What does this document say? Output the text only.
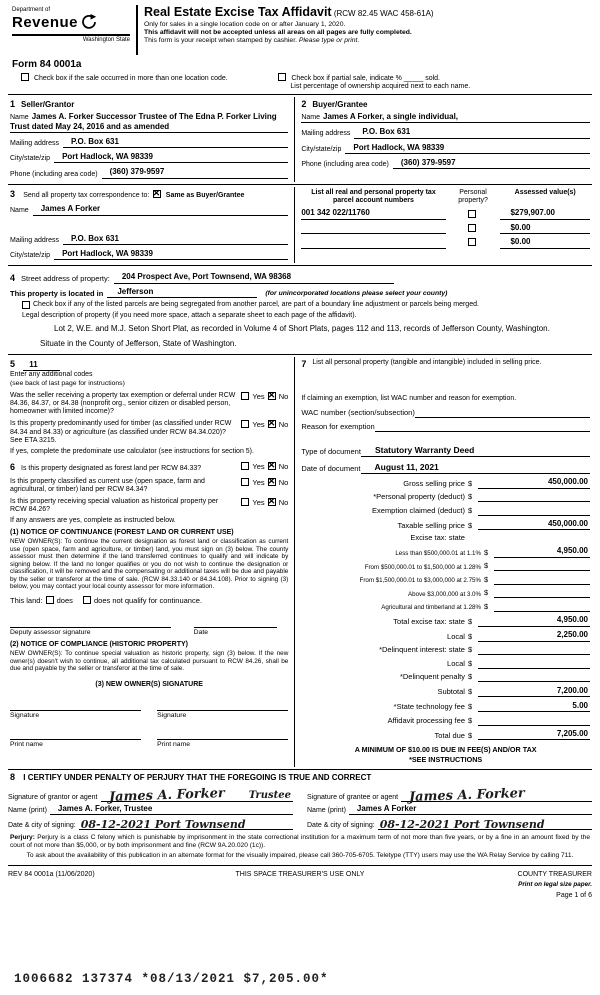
Department of
Revenue
Washington State
Real Estate Excise Tax Affidavit (RCW 82.45 WAC 458-61A)
Only for sales in a single location code on or after January 1, 2020.
This affidavit will not be accepted unless all areas on all pages are fully completed.
This form is your receipt when stamped by cashier. Please type or print.
Form 84 0001a
Check box if the sale occurred in more than one location code.	Check box if partial sale, indicate % _____ sold.
List percentage of ownership acquired next to each name.
1 Seller/Grantor
Name James A. Forker Successor Trustee of The Edna P. Forker Living Trust dated May 24, 2016 and as amended
Mailing address	P.O. Box 631
City/state/zip	Port Hadlock, WA 98339
Phone (including area code)	(360) 379-9597
2 Buyer/Grantee
Name James A Forker, a single individual,
Mailing address	P.O. Box 631
City/state/zip	Port Hadlock, WA 98339
Phone (including area code)	(360) 379-9597
3 Send all property tax correspondence to: ✕ Same as Buyer/Grantee
Name	James A Forker
Mailing address	P.O. Box 631
City/state/zip	Port Hadlock, WA 98339
List all real and personal property tax parcel account numbers
Personal property?
Assessed value(s)
001 342 022/11760	$279,907.00
$0.00
$0.00
4 Street address of property:	204 Prospect Ave, Port Townsend, WA 98368
This property is located in	Jefferson	(for unincorporated locations please select your county)
Check box if any of the listed parcels are being segregated from another parcel, are part of a boundary line adjustment or parcels being merged.
Legal description of property (if you need more space, attach a separate sheet to each page of the affidavit).
Lot 2, W.E. and M.J. Seton Short Plat, as recorded in Volume 4 of Short Plats, pages 112 and 113, records of Jefferson County, Washington.
Situate in the County of Jefferson, State of Washington.
5 11
Enter any additional codes
(see back of last page for instructions)
Was the seller receiving a property tax exemption or deferral under RCW 84.36, 84.37, or 84.38 (nonprofit org., senior citizen or disabled person, homeowner with limited income)?
Yes ✕ No
Is this property predominantly used for timber (as classified under RCW 84.34 and 84.33) or agriculture (as classified under RCW 84.34.020)? See ETA 3215.
Yes ✕ No
If yes, complete the predominate use calculator (see instructions for section 5).
6 Is this property designated as forest land per RCW 84.33?	Yes ✕ No
Is this property classified as current use (open space, farm and agricultural, or timber) land per RCW 84.34?
Yes ✕ No
Is this property receiving special valuation as historical property per RCW 84.26?
Yes ✕ No
If any answers are yes, complete as instructed below.
(1) NOTICE OF CONTINUANCE (FOREST LAND OR CURRENT USE)
NEW OWNER(S): To continue the current designation as forest land or classification as current use (open space, farm and agriculture, or timber) land, you must sign on (3) below. The county assessor must then determine if the land transferred continues to qualify and will indicate by signing below. If the land no longer qualifies or you do not wish to continue the designation or classification, it will be removed and the compensating or additional taxes will be due and payable by the seller or transferor at the time of sale. (RCW 84.33.140 or 84.34.108). Prior to signing (3) below, you may contact your local county assessor for more information.
This land: does	does not qualify for continuance.
Deputy assessor signature	Date
(2) NOTICE OF COMPLIANCE (HISTORIC PROPERTY)
NEW OWNER(S): To continue special valuation as historic property, sign (3) below. If the new owner(s) doesn't wish to continue, all additional tax calculated pursuant to RCW 84.26, shall be due and payable by the seller or transferor at the time of sale.
(3) NEW OWNER(S) SIGNATURE
Signature	Signature
Print name	Print name
7 List all personal property (tangible and intangible) included in selling price.
If claiming an exemption, list WAC number and reason for exemption.
WAC number (section/subsection)
Reason for exemption
Type of document	Statutory Warranty Deed
Date of document	August 11, 2021
Gross selling price $	450,000.00
*Personal property (deduct) $
Exemption claimed (deduct) $
Taxable selling price $	450,000.00
Excise tax: state
Less than $500,000.01 at 1.1% $	4,950.00
From $500,000.01 to $1,500,000 at 1.28% $
From $1,500,000.01 to $3,000,000 at 2.75% $
Above $3,000,000 at 3.0% $
Agricultural and timberland at 1.28% $
Total excise tax: state $	4,950.00
Local $	2,250.00
*Delinquent interest: state $
Local $
*Delinquent penalty $
Subtotal $	7,200.00
*State technology fee $	5.00
Affidavit processing fee $
Total due $	7,205.00
A MINIMUM OF $10.00 IS DUE IN FEE(S) AND/OR TAX
*SEE INSTRUCTIONS
8 I CERTIFY UNDER PENALTY OF PERJURY THAT THE FOREGOING IS TRUE AND CORRECT
Signature of grantor or agent James A. Forker Trustee
Name (print)	James A. Forker, Trustee
Date & city of signing: 08-12-2021 Port Townsend
Signature of grantee or agent James A. Forker
Name (print)	James A Forker
Date & city of signing: 08-12-2021 Port Townsend
Perjury: Perjury is a class C felony which is punishable by imprisonment in the state correctional institution for a maximum term of not more than five years, or by a fine in an amount fixed by the court of not more than $5,000, or by both imprisonment and fine (RCW 9A.20.020 (1c)).
To ask about the availability of this publication in an alternate format for the visually impaired, please call 360-705-6705. Teletype (TTY) users may use the WA Relay Service by calling 711.
REV 84 0001a (11/06/2020)	THIS SPACE TREASURER'S USE ONLY	COUNTY TREASURER
Print on legal size paper.
Page 1 of 6
1006682 137374 *08/13/2021 $7,205.00*
